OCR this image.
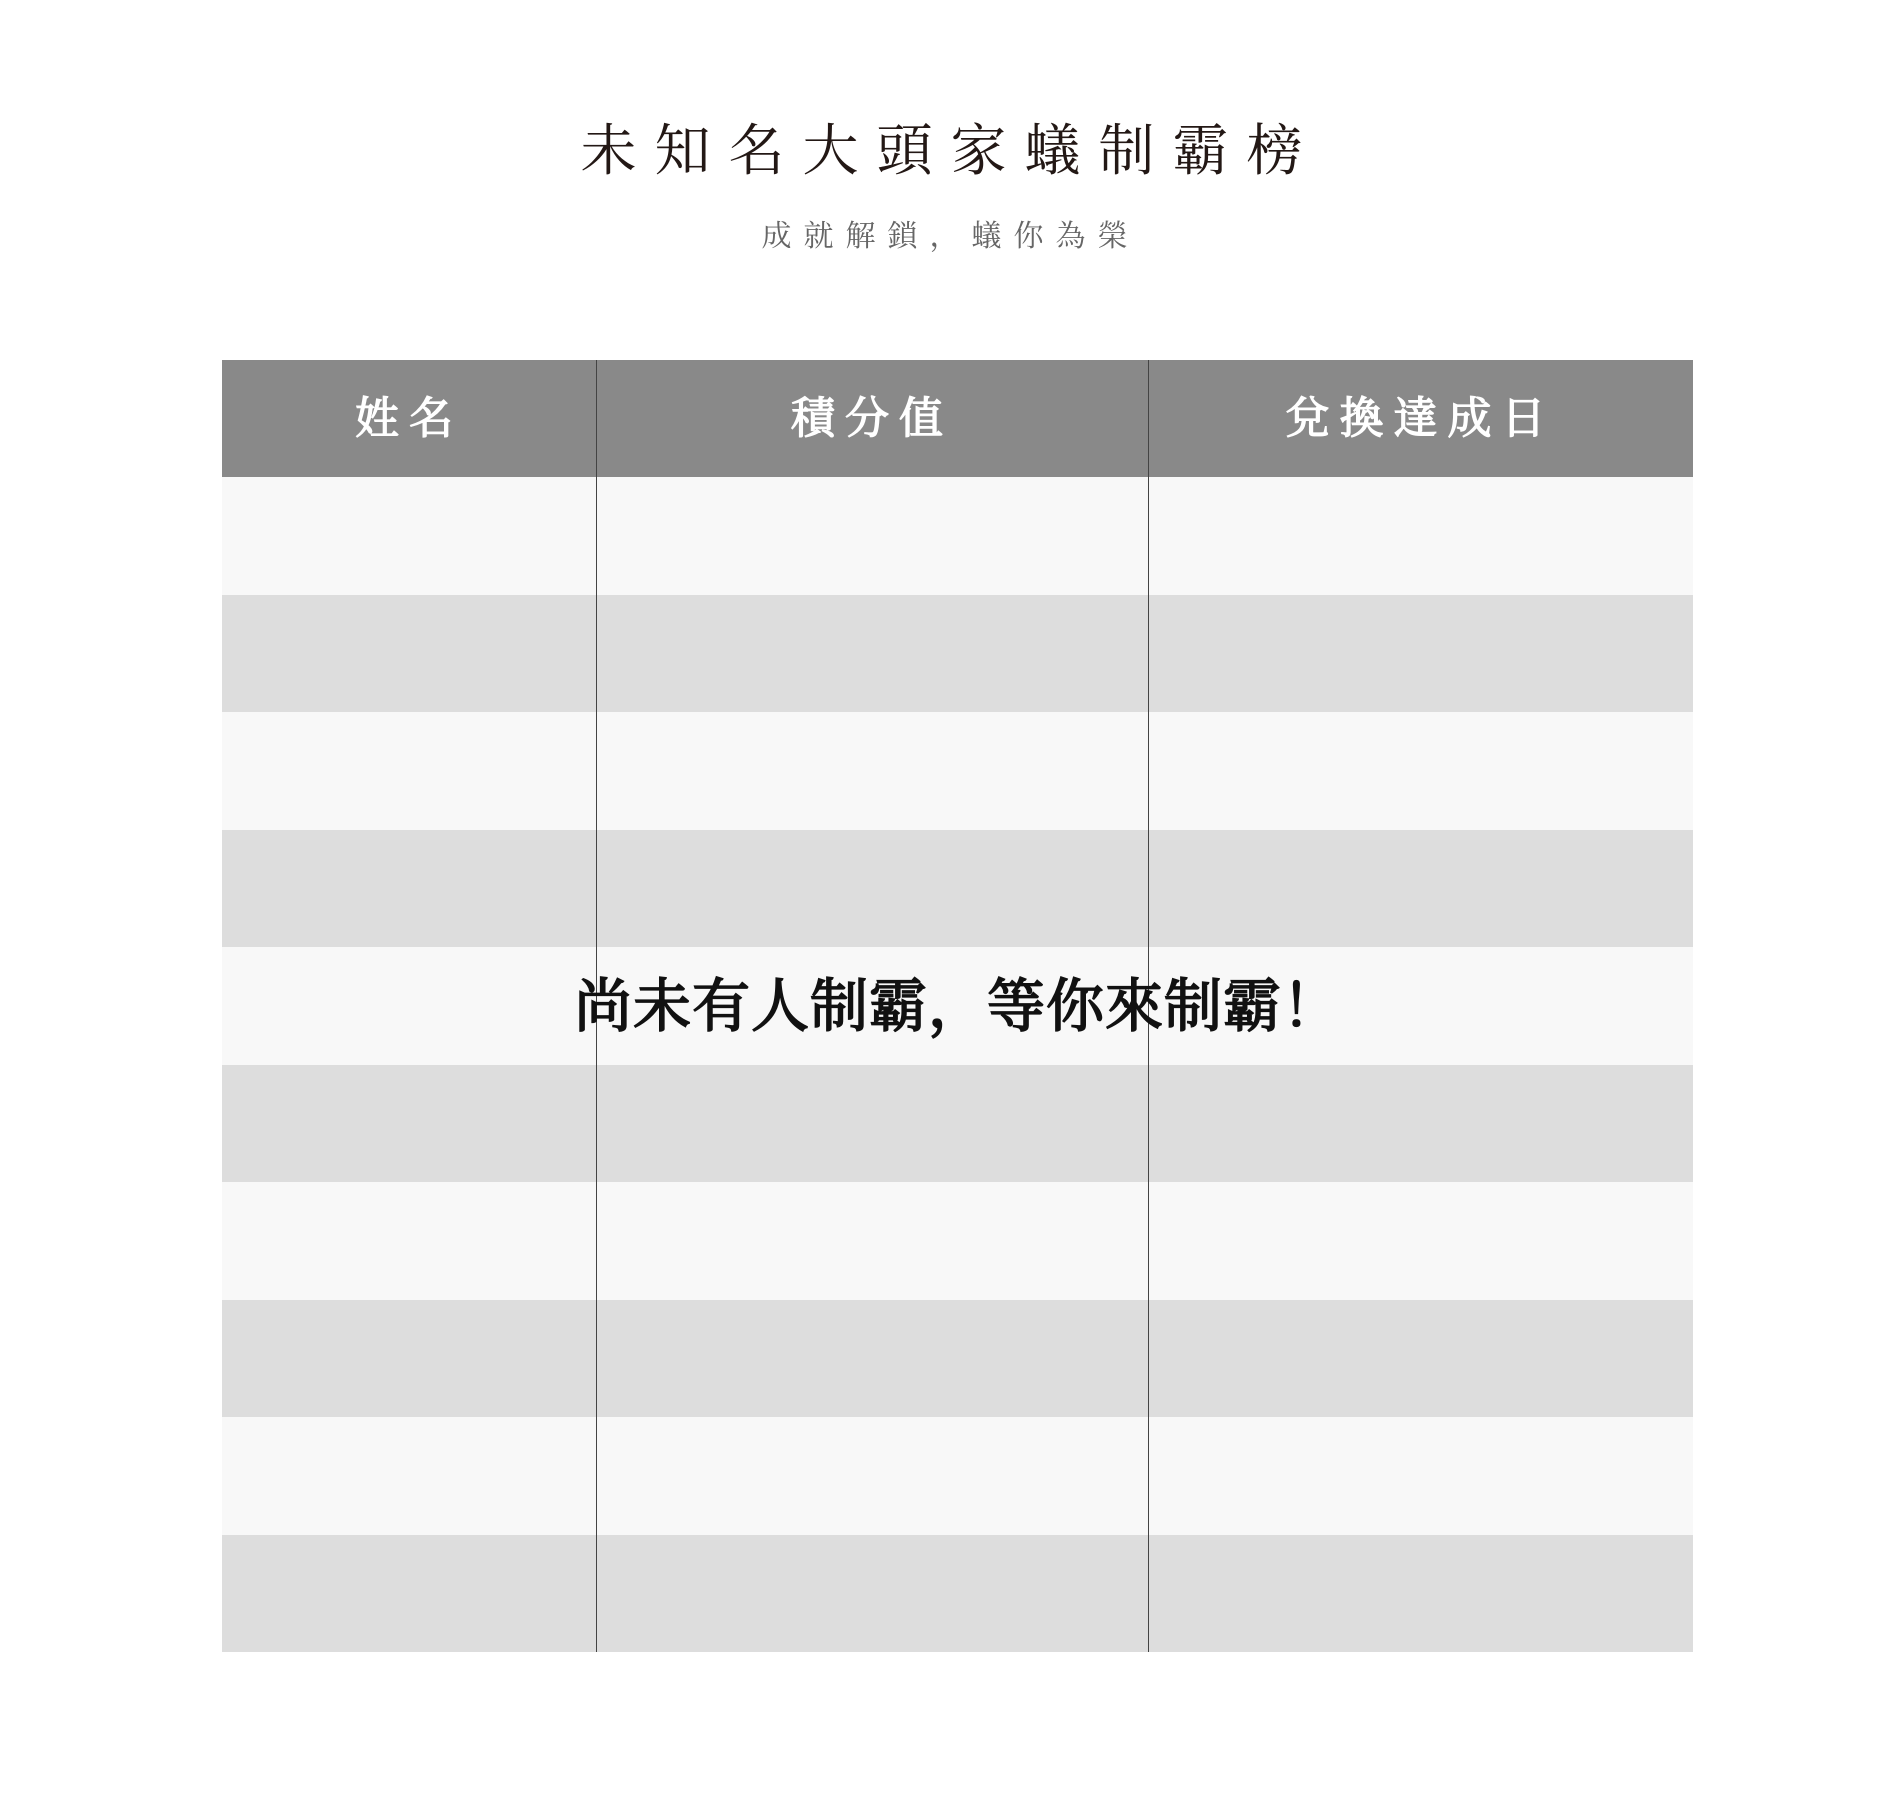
未知名大頭家蟻制霸榜
成就解鎖，蟻你為榮
姓名	積分值	兌換達成日
尚未有人制霸，等你來制霸！
